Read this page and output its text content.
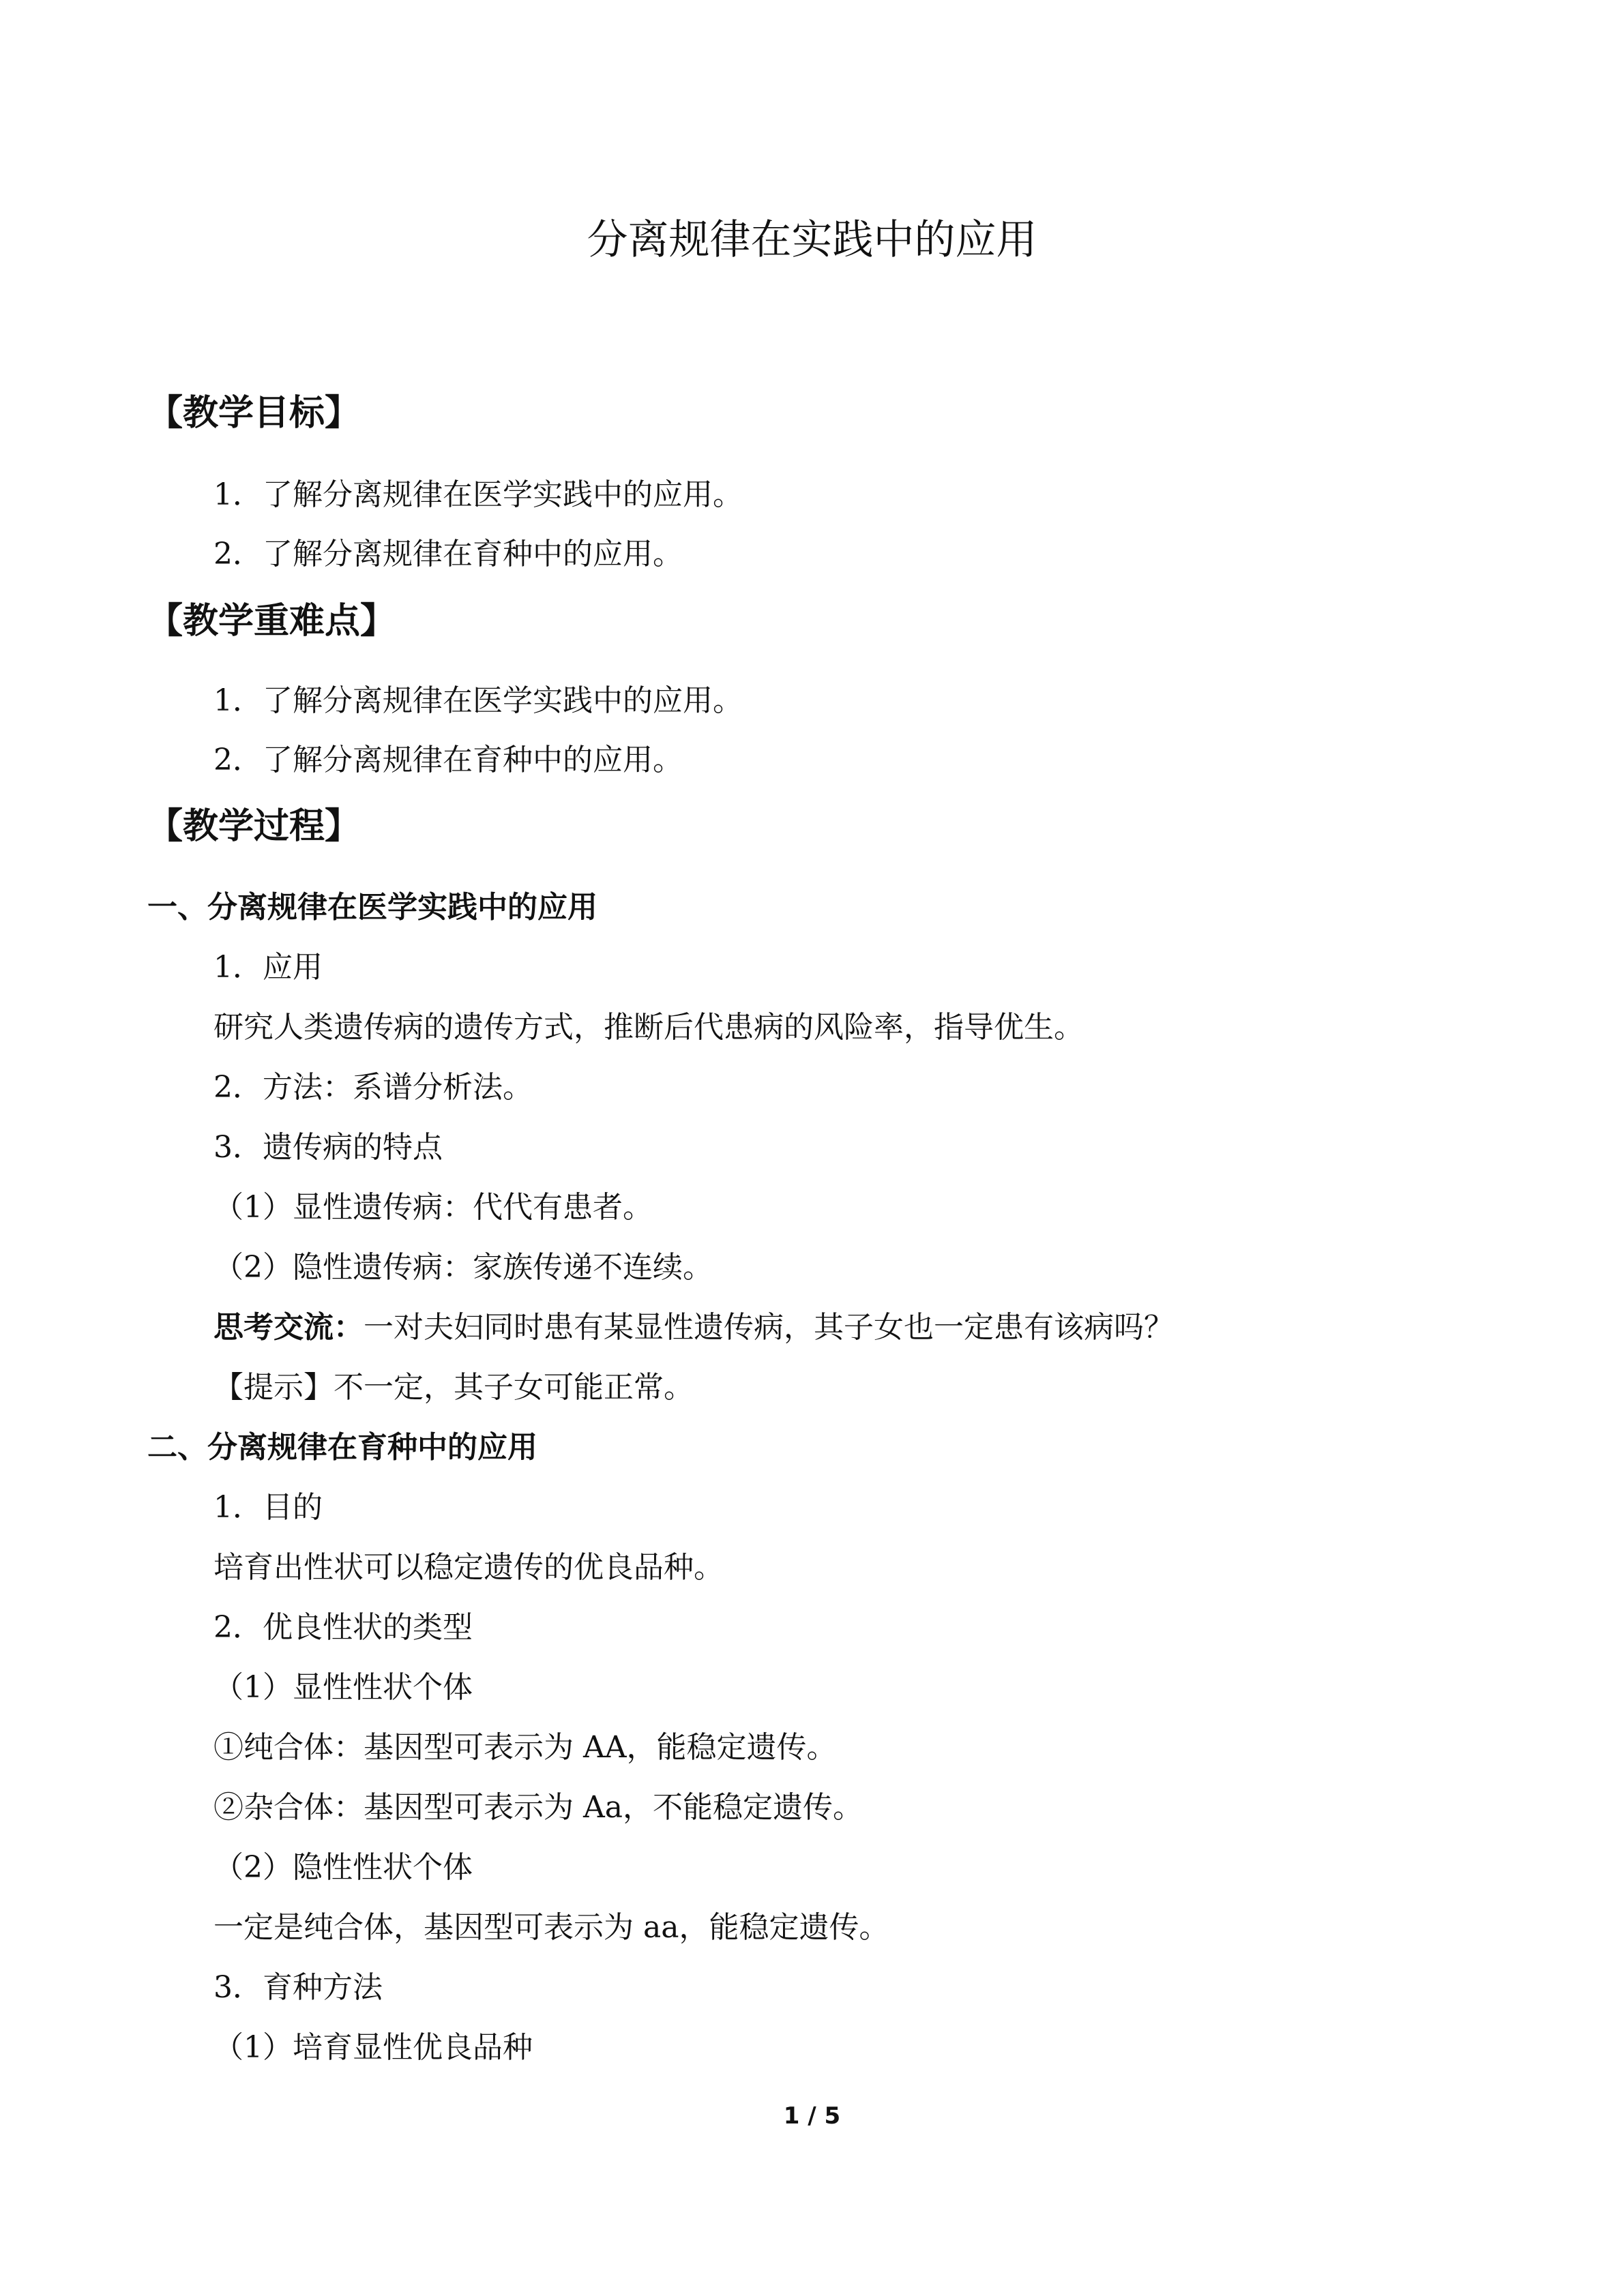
分离规律在实践中的应用
【教学目标】
1．了解分离规律在医学实践中的应用。
2．了解分离规律在育种中的应用。
【教学重难点】
1．了解分离规律在医学实践中的应用。
2．了解分离规律在育种中的应用。
【教学过程】
一、分离规律在医学实践中的应用
1．应用
研究人类遗传病的遗传方式，推断后代患病的风险率，指导优生。
2．方法：系谱分析法。
3．遗传病的特点
（1）显性遗传病：代代有患者。
（2）隐性遗传病：家族传递不连续。
思考交流：一对夫妇同时患有某显性遗传病，其子女也一定患有该病吗？
【提示】不一定，其子女可能正常。
二、分离规律在育种中的应用
1．目的
培育出性状可以稳定遗传的优良品种。
2．优良性状的类型
（1）显性性状个体
①纯合体：基因型可表示为 AA，能稳定遗传。
②杂合体：基因型可表示为 Aa，不能稳定遗传。
（2）隐性性状个体
一定是纯合体，基因型可表示为 aa，能稳定遗传。
3．育种方法
（1）培育显性优良品种
1 / 5
